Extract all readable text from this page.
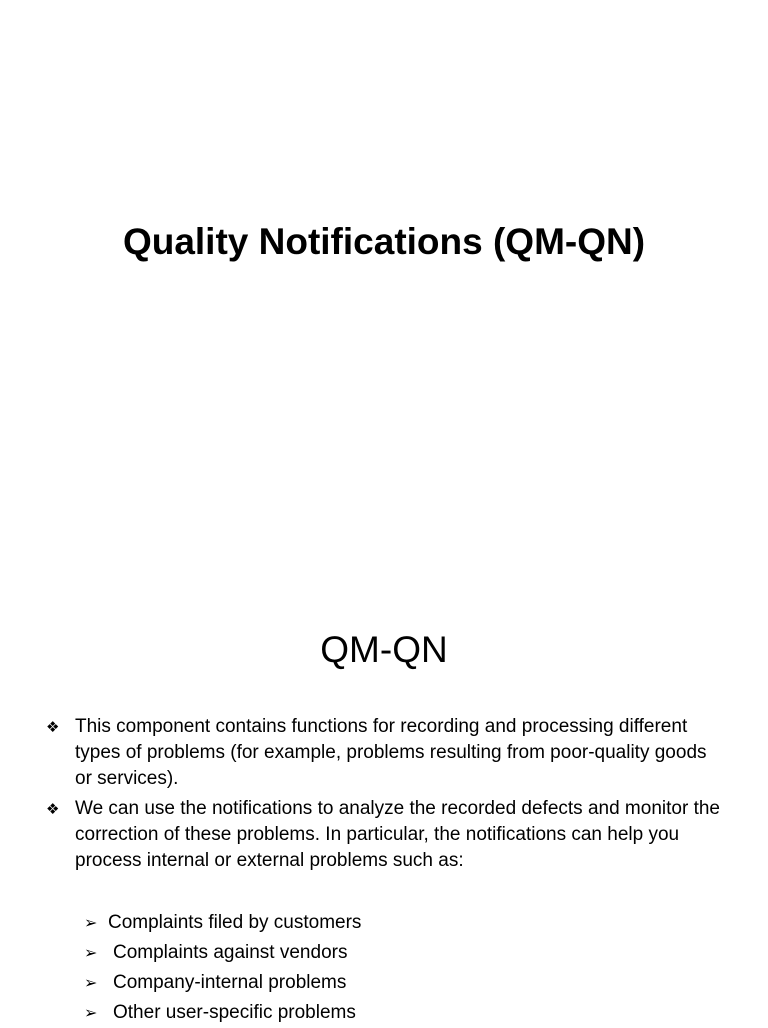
Quality Notifications (QM-QN)
QM-QN
❖ This component contains functions for recording and processing different types of problems (for example, problems resulting from poor-quality goods or services).
❖ We can use the notifications to analyze the recorded defects and monitor the correction of these problems. In particular, the notifications can help you process internal or external problems such as:
➢ Complaints filed by customers
➢ Complaints against vendors
➢ Company-internal problems
➢ Other user-specific problems
